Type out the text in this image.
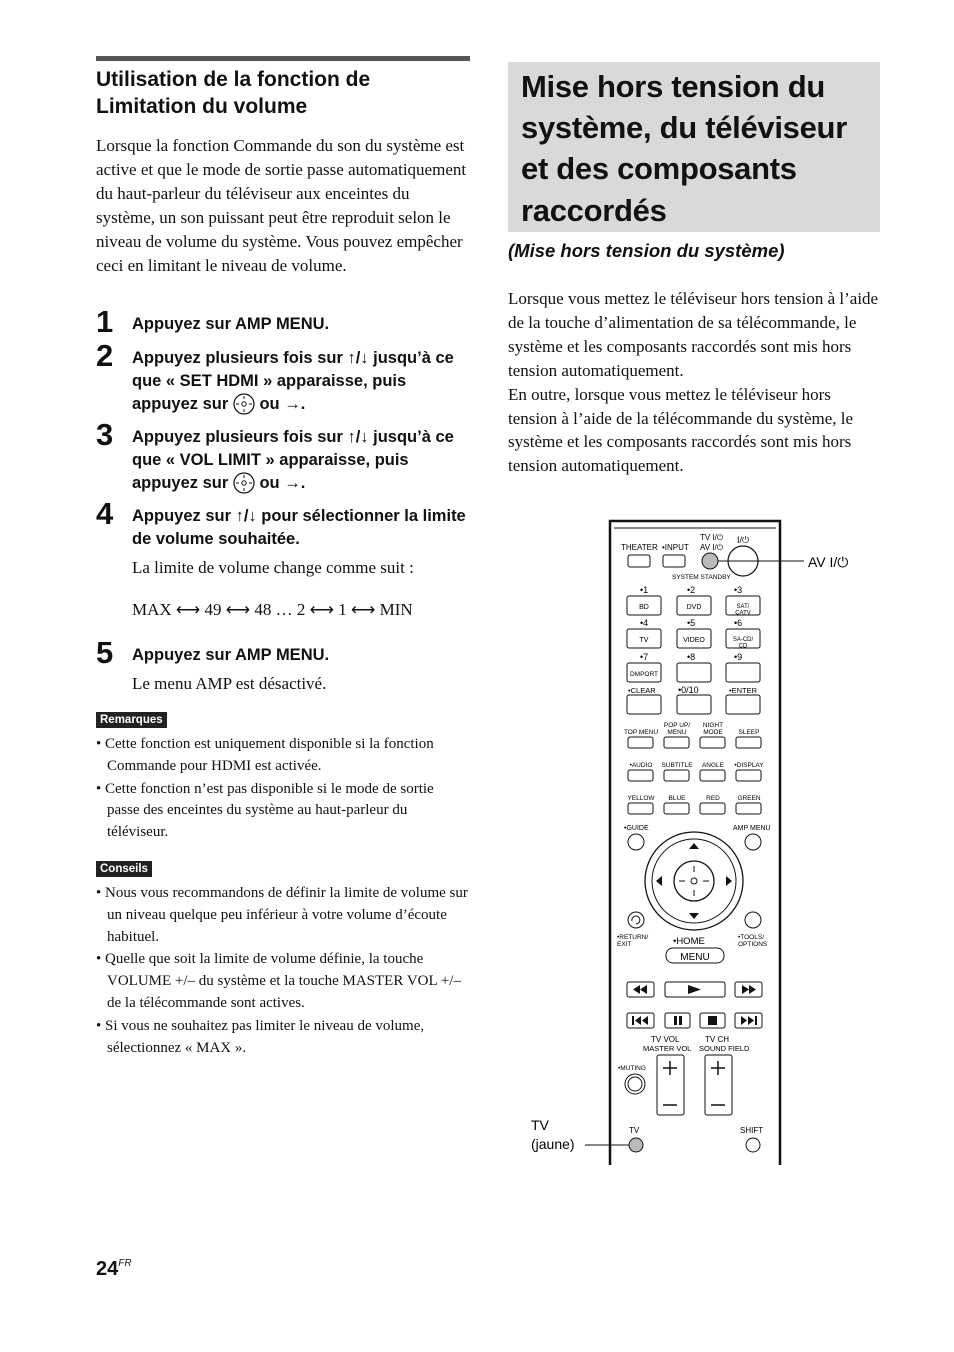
Utilisation de la fonction de Limitation du volume
Lorsque la fonction Commande du son du système est active et que le mode de sortie passe automatiquement du haut-parleur du téléviseur aux enceintes du système, un son puissant peut être reproduit selon le niveau de volume du système. Vous pouvez empêcher ceci en limitant le niveau de volume.
1 Appuyez sur AMP MENU.
2 Appuyez plusieurs fois sur ↑/↓ jusqu’à ce que « SET HDMI » apparaisse, puis appuyez sur ou →.
3 Appuyez plusieurs fois sur ↑/↓ jusqu’à ce que « VOL LIMIT » apparaisse, puis appuyez sur ou →.
4 Appuyez sur ↑/↓ pour sélectionner la limite de volume souhaitée.
La limite de volume change comme suit :
MAX ⟷ 49 ⟷ 48 … 2 ⟷ 1 ⟷ MIN
5 Appuyez sur AMP MENU.
Le menu AMP est désactivé.
Remarques
• Cette fonction est uniquement disponible si la fonction Commande pour HDMI est activée.
• Cette fonction n’est pas disponible si le mode de sortie passe des enceintes du système au haut-parleur du téléviseur.
Conseils
• Nous vous recommandons de définir la limite de volume sur un niveau quelque peu inférieur à votre volume d’écoute habituel.
• Quelle que soit la limite de volume définie, la touche VOLUME +/– du système et la touche MASTER VOL +/– de la télécommande sont actives.
• Si vous ne souhaitez pas limiter le niveau de volume, sélectionnez « MAX ».
Mise hors tension du système, du téléviseur et des composants raccordés
(Mise hors tension du système)
Lorsque vous mettez le téléviseur hors tension à l’aide de la touche d’alimentation de sa télécommande, le système et les composants raccordés sont mis hors tension automatiquement.
En outre, lorsque vous mettez le téléviseur hors tension à l’aide de la télécommande du système, le système et les composants raccordés sont mis hors tension automatiquement.
THEATER •INPUT
TV I/⏻
AV I/⏻
I/⏻
SYSTEM STANDBY
AV I/⏻
•1	•2	•3
•4	•5	•6
•7	•8	•9
BD	DVD	SAT/ CATV
TV	VIDEO	SA-CD/ CD
DMPORT
•CLEAR •0/10	•ENTER
TOP MENU
POP UP/ MENU
NIGHT MODE SLEEP
•AUDIO SUBTITLE ANGLE •DISPLAY
YELLOW BLUE	RED	GREEN
•GUIDE	AMP MENU
•RETURN/ EXIT
•TOOLS/ OPTIONS
•HOME
MENU
TV VOL
MASTER VOL
TV CH
SOUND FIELD
•MUTING
TV	SHIFT
TV
(jaune)
$24^{FR}$
